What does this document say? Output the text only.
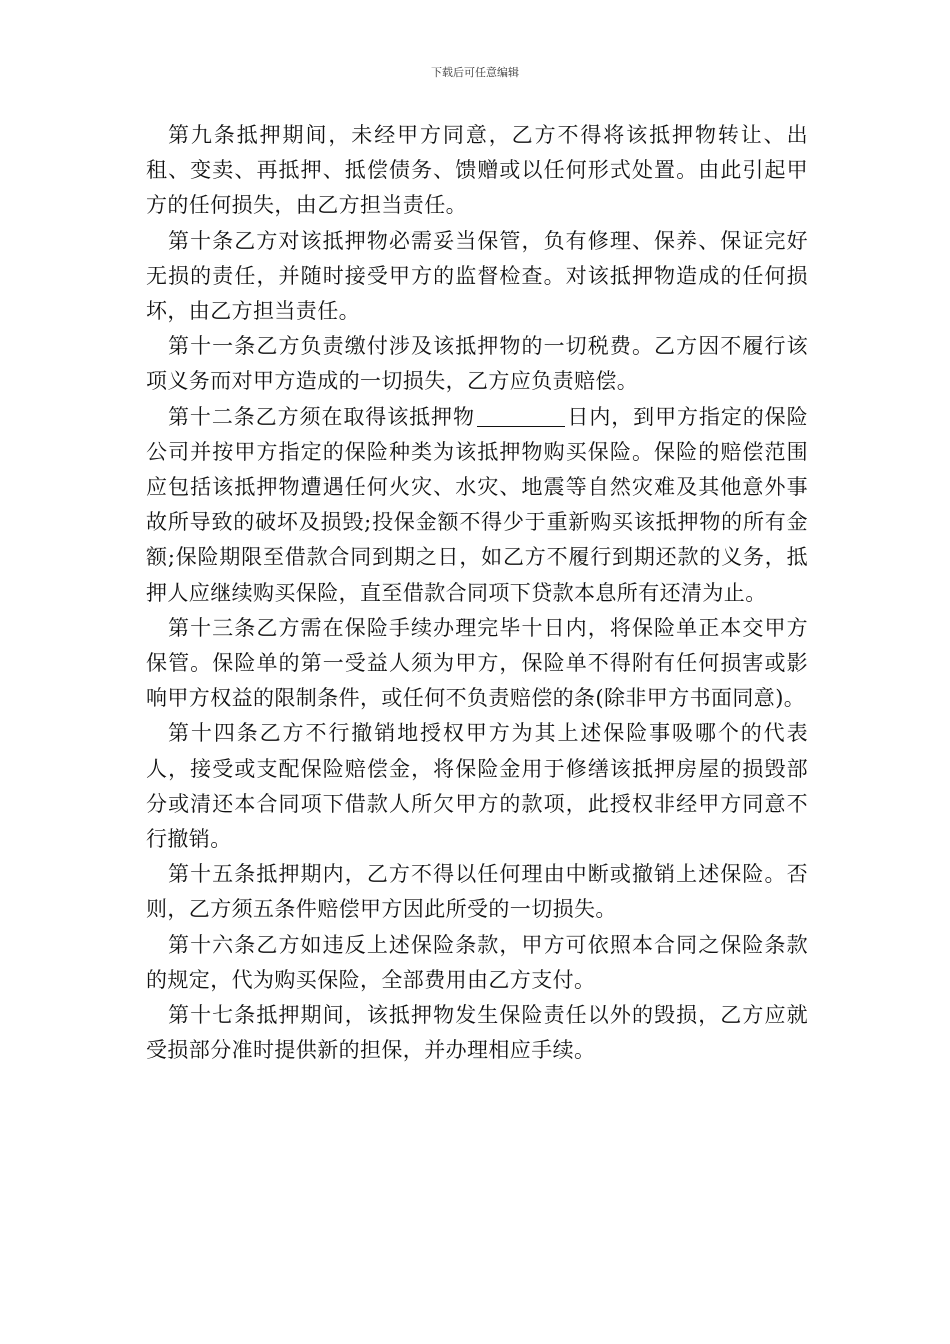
下载后可任意编辑

第九条抵押期间，未经甲方同意，乙方不得将该抵押物转让、出租、变卖、再抵押、抵偿债务、馈赠或以任何形式处置。由此引起甲方的任何损失，由乙方担当责任。

第十条乙方对该抵押物必需妥当保管，负有修理、保养、保证完好无损的责任，并随时接受甲方的监督检查。对该抵押物造成的任何损坏，由乙方担当责任。

第十一条乙方负责缴付涉及该抵押物的一切税费。乙方因不履行该项义务而对甲方造成的一切损失，乙方应负责赔偿。

第十二条乙方须在取得该抵押物	日内，到甲方指定的保险公司并按甲方指定的保险种类为该抵押物购买保险。保险的赔偿范围应包括该抵押物遭遇任何火灾、水灾、地震等自然灾难及其他意外事故所导致的破坏及损毁;投保金额不得少于重新购买该抵押物的所有金额;保险期限至借款合同到期之日，如乙方不履行到期还款的义务，抵押人应继续购买保险，直至借款合同项下贷款本息所有还清为止。

第十三条乙方需在保险手续办理完毕十日内，将保险单正本交甲方保管。保险单的第一受益人须为甲方，保险单不得附有任何损害或影响甲方权益的限制条件，或任何不负责赔偿的条(除非甲方书面同意)。

第十四条乙方不行撤销地授权甲方为其上述保险事吸哪个的代表人，接受或支配保险赔偿金，将保险金用于修缮该抵押房屋的损毁部分或清还本合同项下借款人所欠甲方的款项，此授权非经甲方同意不行撤销。

第十五条抵押期内，乙方不得以任何理由中断或撤销上述保险。否则，乙方须五条件赔偿甲方因此所受的一切损失。

第十六条乙方如违反上述保险条款，甲方可依照本合同之保险条款的规定，代为购买保险，全部费用由乙方支付。

第十七条抵押期间，该抵押物发生保险责任以外的毁损，乙方应就受损部分准时提供新的担保，并办理相应手续。
